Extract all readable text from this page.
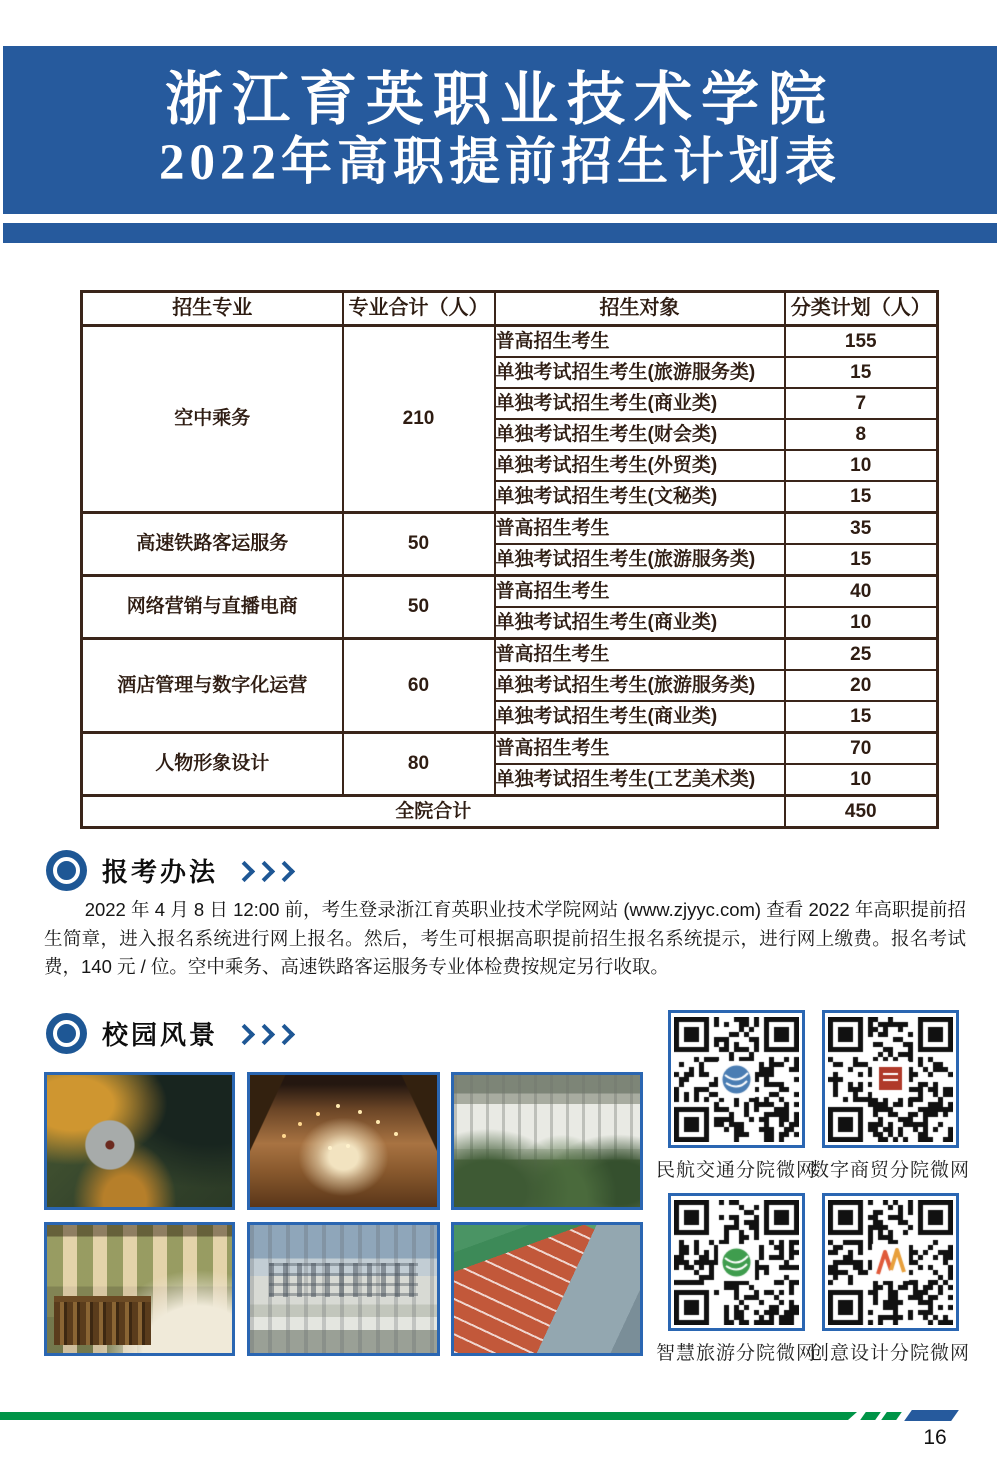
浙江育英职业技术学院
2022年高职提前招生计划表
招生专业	专业合计（人）	招生对象	分类计划（人）
空中乘务	210	普高招生考生	155
		单独考试招生考生(旅游服务类)	15
		单独考试招生考生(商业类)	7
		单独考试招生考生(财会类)	8
		单独考试招生考生(外贸类)	10
		单独考试招生考生(文秘类)	15
高速铁路客运服务	50	普高招生考生	35
		单独考试招生考生(旅游服务类)	15
网络营销与直播电商	50	普高招生考生	40
		单独考试招生考生(商业类)	10
酒店管理与数字化运营	60	普高招生考生	25
		单独考试招生考生(旅游服务类)	20
		单独考试招生考生(商业类)	15
人物形象设计	80	普高招生考生	70
		单独考试招生考生(工艺美术类)	10
全院合计			450
报考办法
2022 年 4 月 8 日 12:00 前，考生登录浙江育英职业技术学院网站 (www.zjyyc.com) 查看 2022 年高职提前招生简章，进入报名系统进行网上报名。然后，考生可根据高职提前招生报名系统提示，进行网上缴费。报名考试费，140 元 / 位。空中乘务、高速铁路客运服务专业体检费按规定另行收取。
校园风景
民航交通分院微网
数字商贸分院微网
智慧旅游分院微网
创意设计分院微网
16
